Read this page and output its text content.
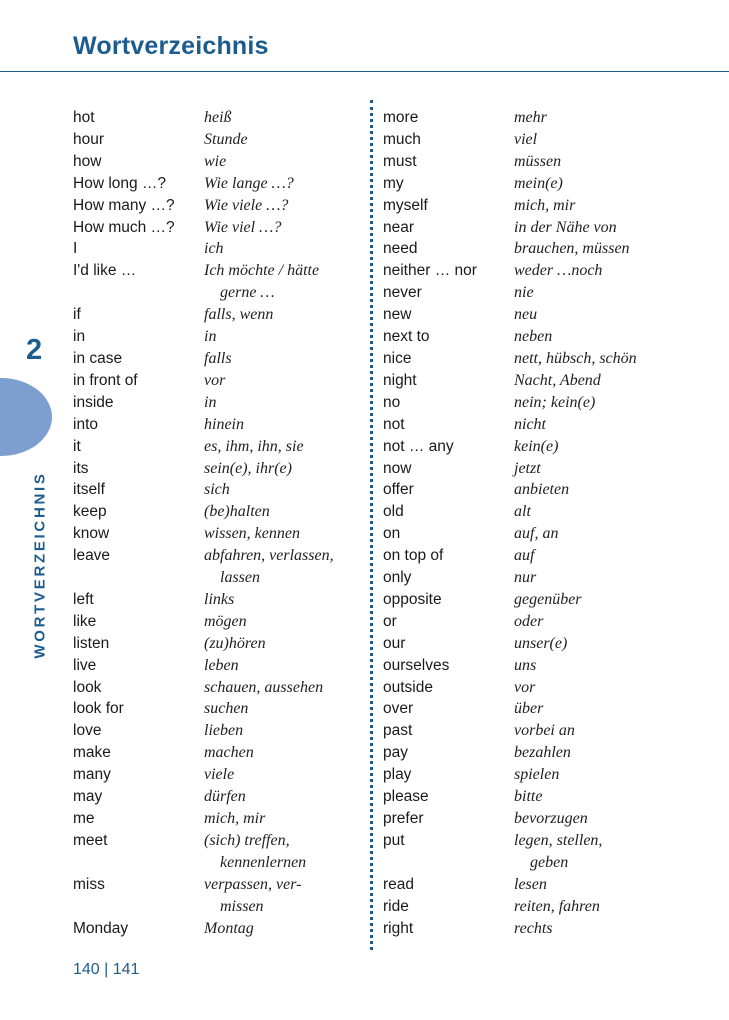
Wortverzeichnis
2
WORTVERZEICHNIS
hot	heiß
hour	Stunde
how	wie
How long …?	Wie lange …?
How many …?	Wie viele …?
How much …?	Wie viel …?
I	ich
I'd like …	Ich möchte / hätte
gerne …
if	falls, wenn
in	in
in case	falls
in front of	vor
inside	in
into	hinein
it	es, ihm, ihn, sie
its	sein(e), ihr(e)
itself	sich
keep	(be)halten
know	wissen, kennen
leave	abfahren, verlassen,
lassen
left	links
like	mögen
listen	(zu)hören
live	leben
look	schauen, aussehen
look for	suchen
love	lieben
make	machen
many	viele
may	dürfen
me	mich, mir
meet	(sich) treffen,
kennenlernen
miss	verpassen, ver-
missen
Monday	Montag
more	mehr
much	viel
must	müssen
my	mein(e)
myself	mich, mir
near	in der Nähe von
need	brauchen, müssen
neither … nor	weder …noch
never	nie
new	neu
next to	neben
nice	nett, hübsch, schön
night	Nacht, Abend
no	nein; kein(e)
not	nicht
not … any	kein(e)
now	jetzt
offer	anbieten
old	alt
on	auf, an
on top of	auf
only	nur
opposite	gegenüber
or	oder
our	unser(e)
ourselves	uns
outside	vor
over	über
past	vorbei an
pay	bezahlen
play	spielen
please	bitte
prefer	bevorzugen
put	legen, stellen,
geben
read	lesen
ride	reiten, fahren
right	rechts
140 | 141
